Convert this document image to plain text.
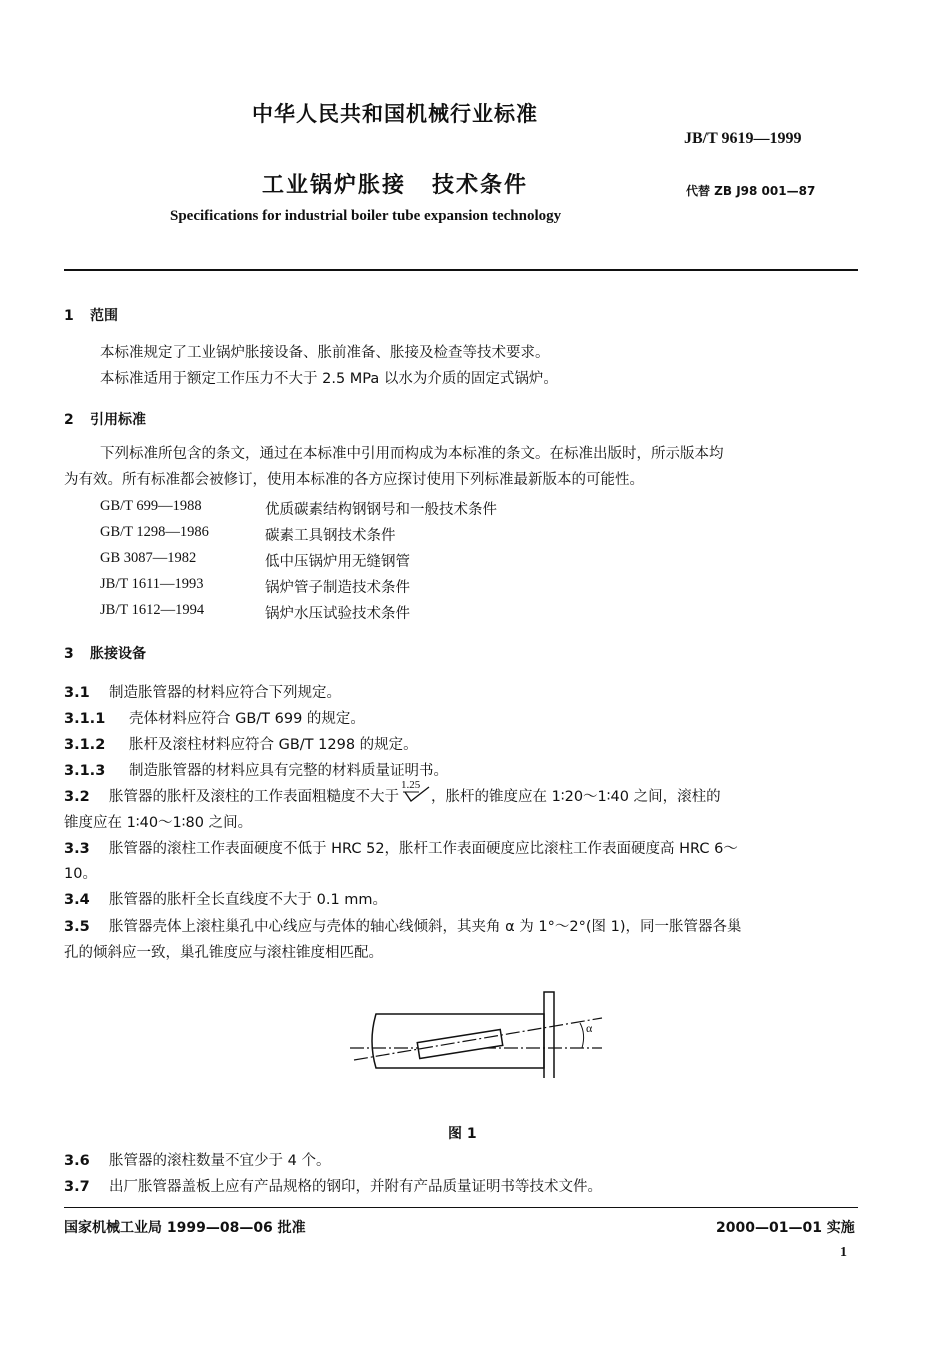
中华人民共和国机械行业标准
JB/T 9619—1999
工业锅炉胀接 技术条件	代替 ZB J98 001—87
Specifications for industrial boiler tube expansion technology
1 范围
本标准规定了工业锅炉胀接设备、胀前准备、胀接及检查等技术要求。
本标准适用于额定工作压力不大于 2.5 MPa 以水为介质的固定式锅炉。
2 引用标准
下列标准所包含的条文，通过在本标准中引用而构成为本标准的条文。在标准出版时，所示版本均
为有效。所有标准都会被修订，使用本标准的各方应探讨使用下列标准最新版本的可能性。
GB/T 699—1988	优质碳素结构钢钢号和一般技术条件
GB/T 1298—1986	碳素工具钢技术条件
GB 3087—1982	低中压锅炉用无缝钢管
JB/T 1611—1993	锅炉管子制造技术条件
JB/T 1612—1994	锅炉水压试验技术条件
3 胀接设备
3.1 制造胀管器的材料应符合下列规定。
3.1.1 壳体材料应符合 GB/T 699 的规定。
3.1.2 胀杆及滚柱材料应符合 GB/T 1298 的规定。
3.1.3 制造胀管器的材料应具有完整的材料质量证明书。
3.2 胀管器的胀杆及滚柱的工作表面粗糙度不大于
1.25
，胀杆的锥度应在 1∶20～1∶40 之间，滚柱的
锥度应在 1∶40～1∶80 之间。
3.3 胀管器的滚柱工作表面硬度不低于 HRC 52，胀杆工作表面硬度应比滚柱工作表面硬度高 HRC 6～
10。
3.4 胀管器的胀杆全长直线度不大于 0.1 mm。
3.5 胀管器壳体上滚柱巢孔中心线应与壳体的轴心线倾斜，其夹角 α 为 1°～2°(图 1)，同一胀管器各巢
孔的倾斜应一致，巢孔锥度应与滚柱锥度相匹配。
α
图 1
3.6 胀管器的滚柱数量不宜少于 4 个。
3.7 出厂胀管器盖板上应有产品规格的钢印，并附有产品质量证明书等技术文件。
国家机械工业局 1999—08—06 批准	2000—01—01 实施
1
